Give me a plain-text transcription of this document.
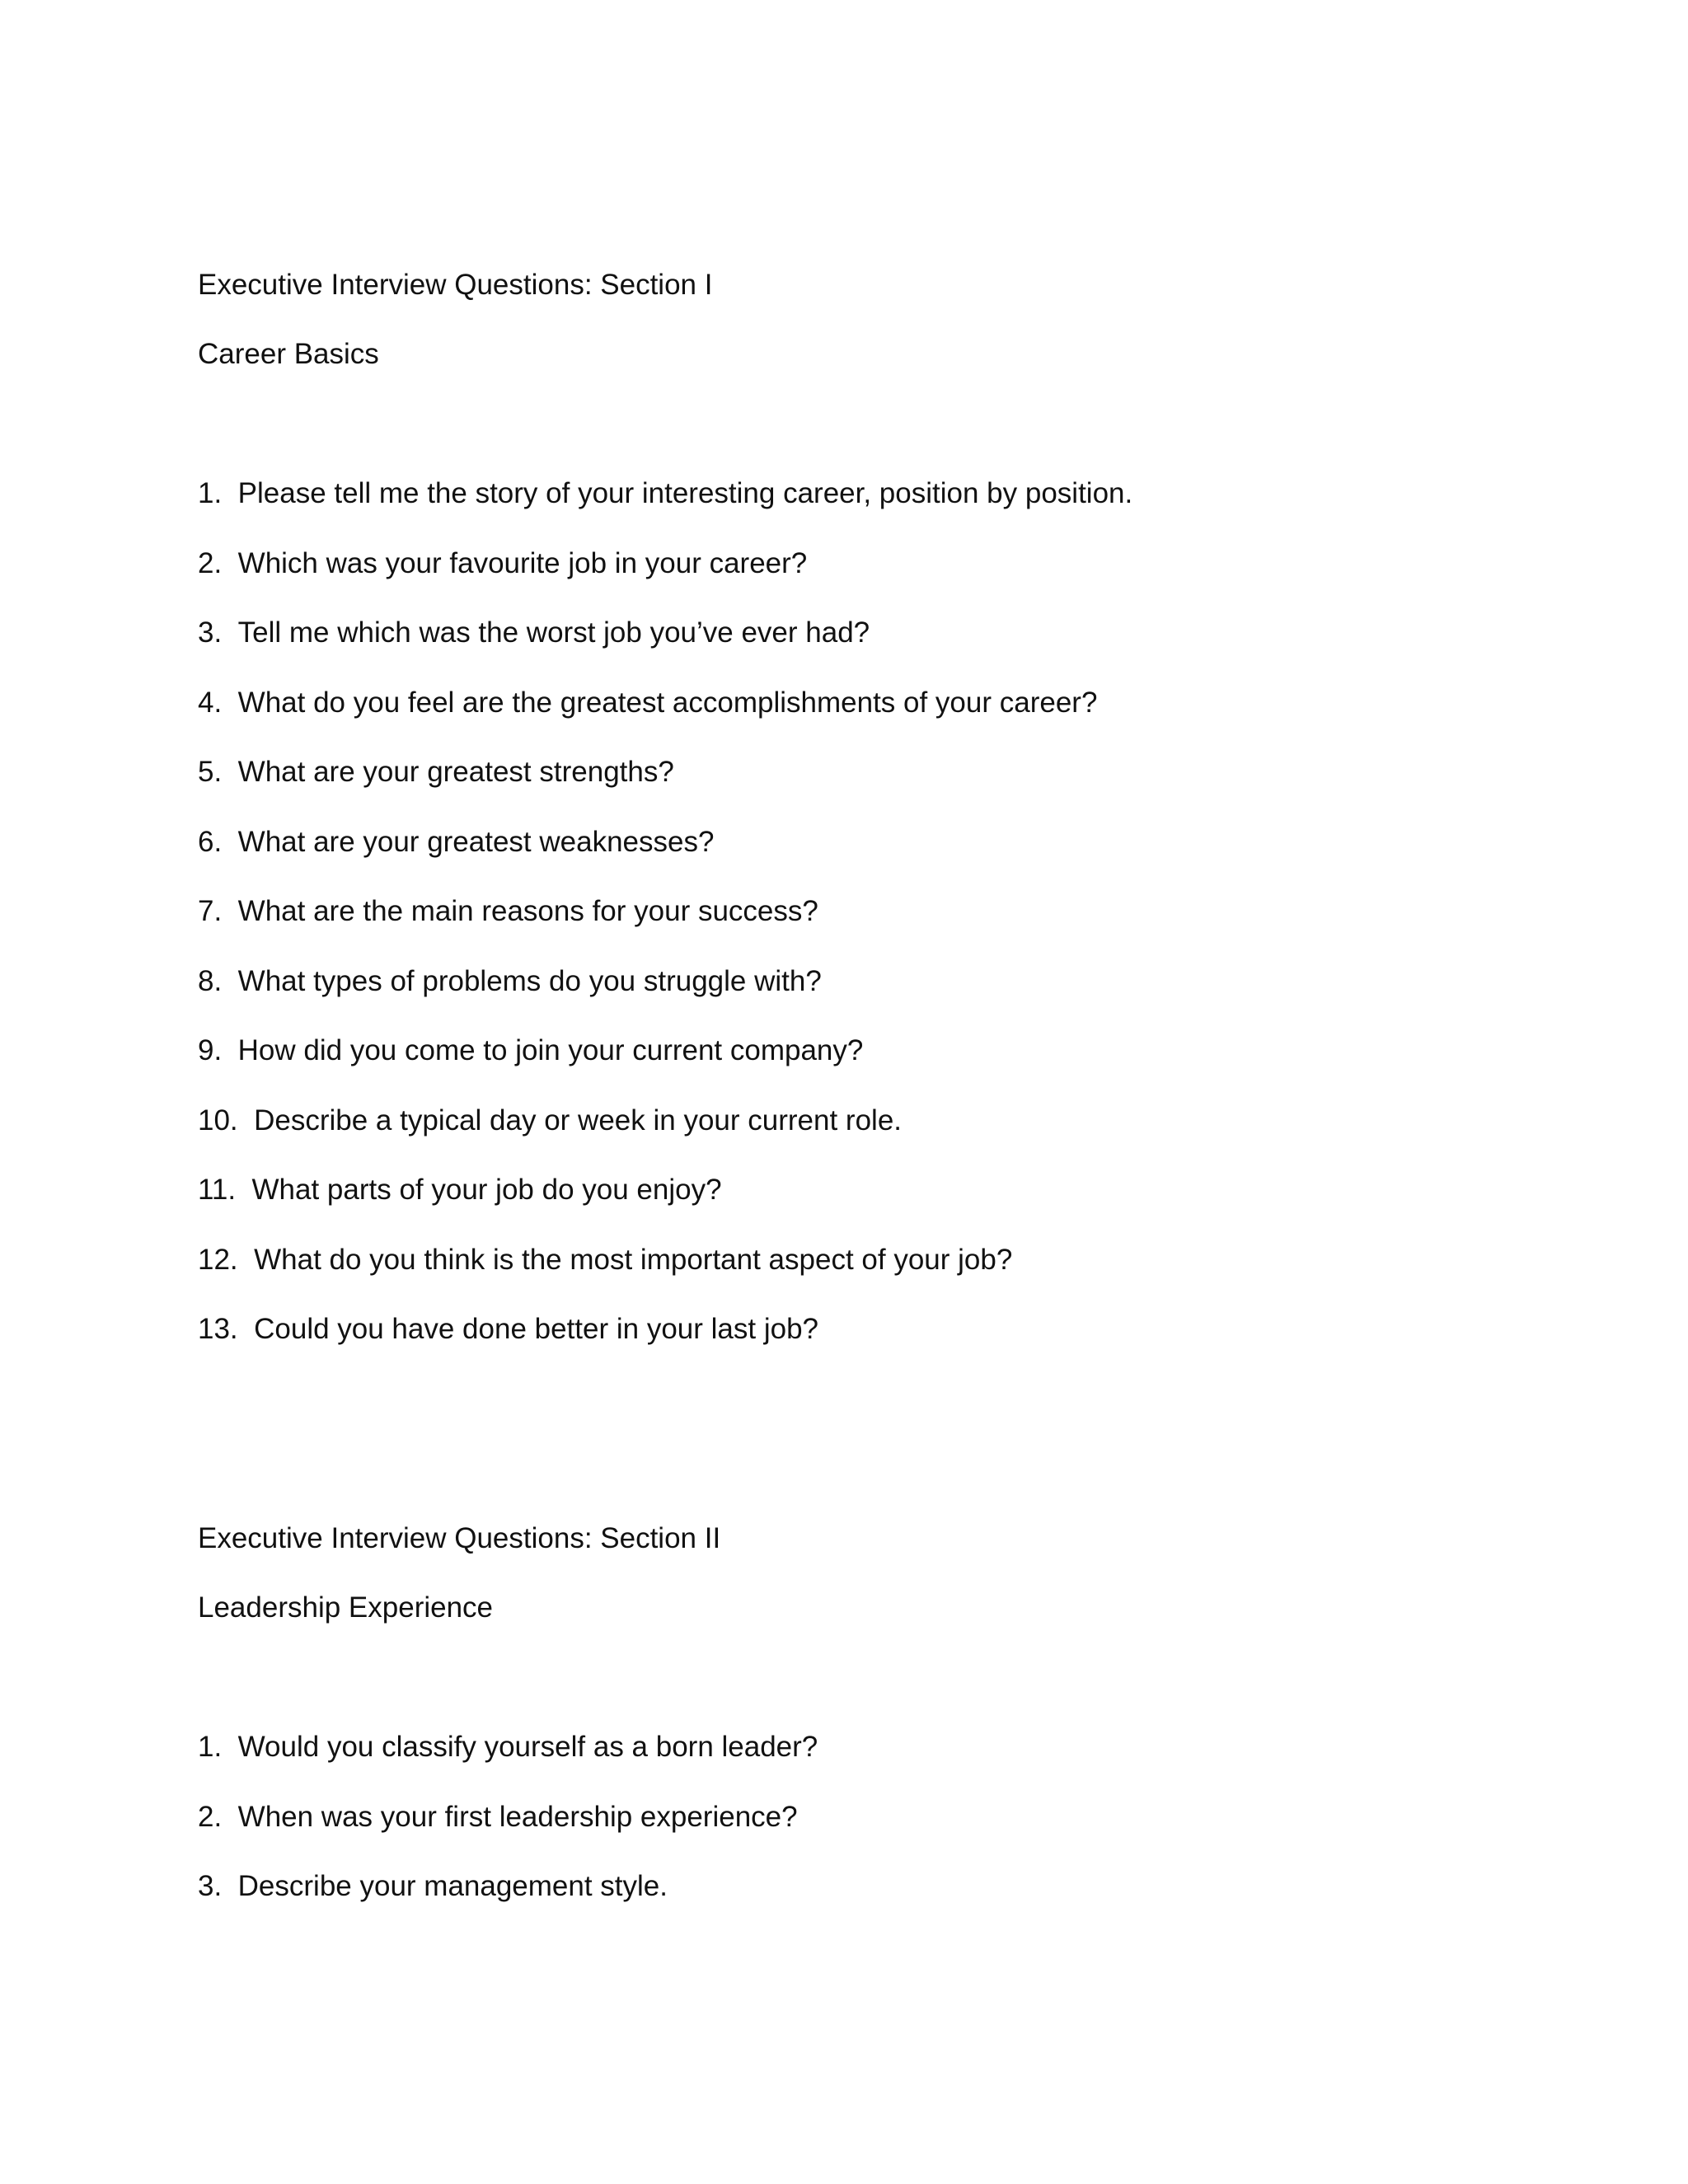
Executive Interview Questions: Section I
Career Basics
1. Please tell me the story of your interesting career, position by position.
2. Which was your favourite job in your career?
3. Tell me which was the worst job you’ve ever had?
4. What do you feel are the greatest accomplishments of your career?
5. What are your greatest strengths?
6. What are your greatest weaknesses?
7. What are the main reasons for your success?
8. What types of problems do you struggle with?
9. How did you come to join your current company?
10. Describe a typical day or week in your current role.
11. What parts of your job do you enjoy?
12. What do you think is the most important aspect of your job?
13. Could you have done better in your last job?
Executive Interview Questions: Section II
Leadership Experience
1. Would you classify yourself as a born leader?
2. When was your first leadership experience?
3. Describe your management style.
